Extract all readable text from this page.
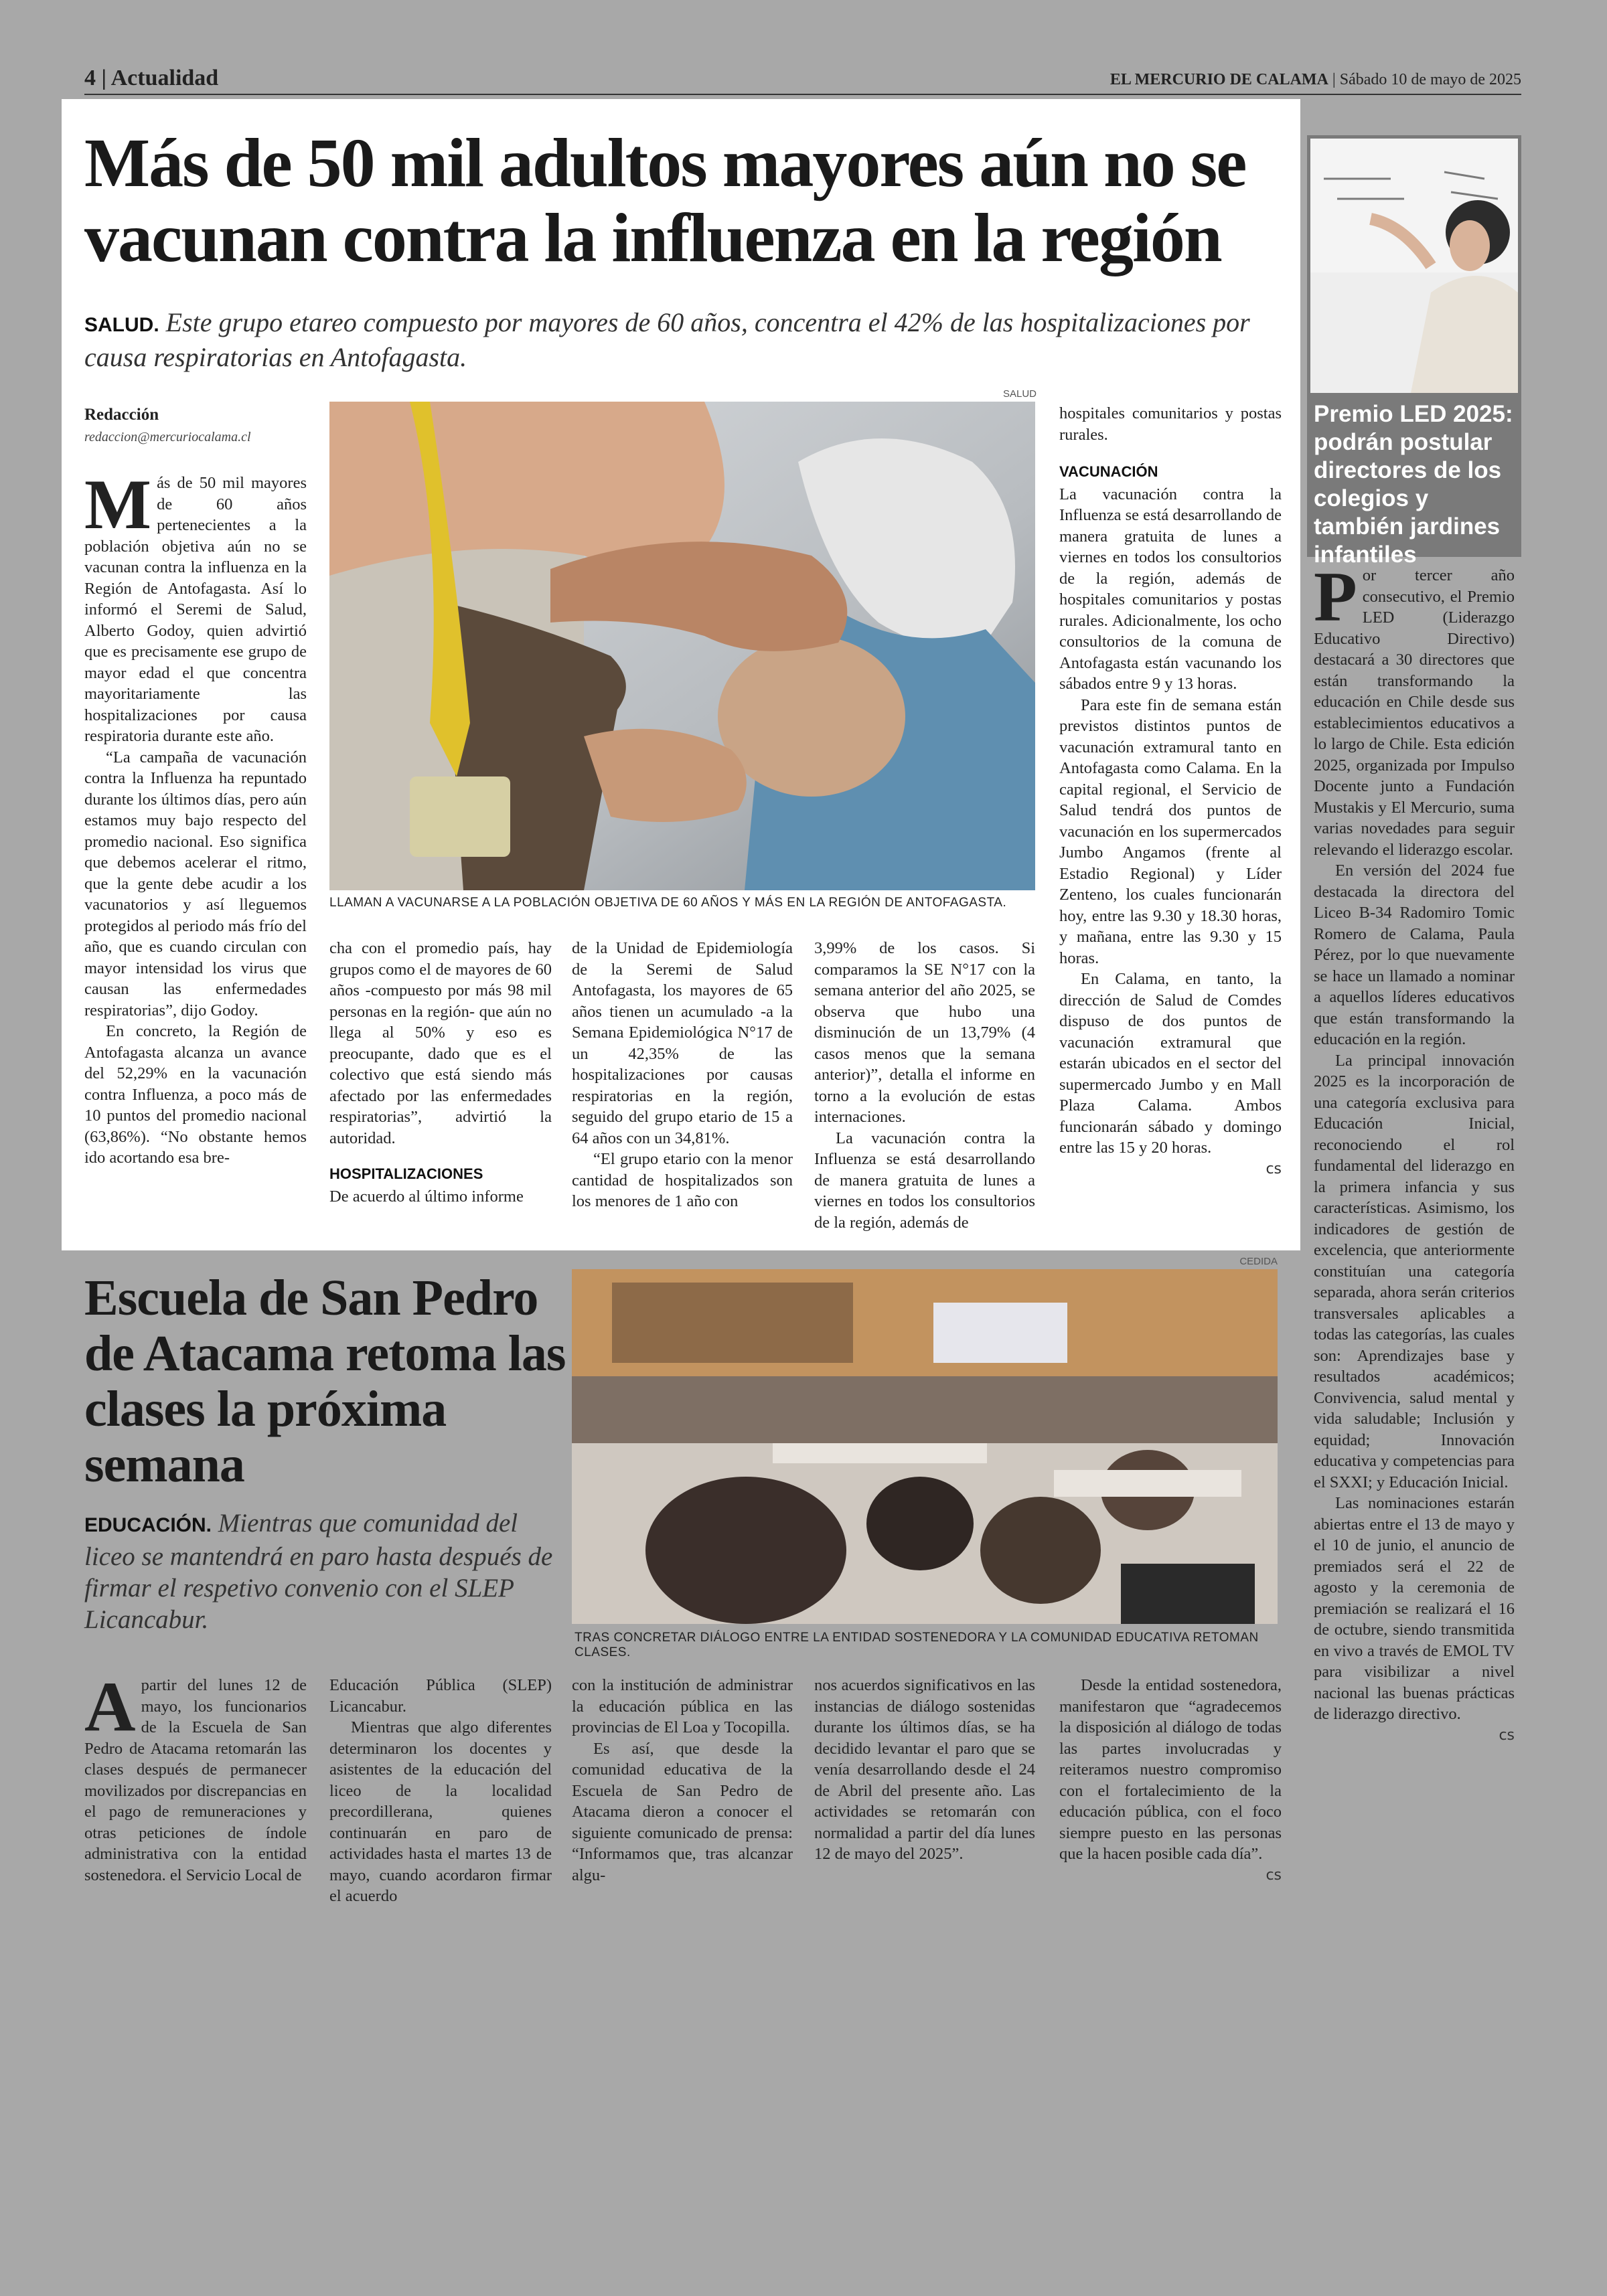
4 | Actualidad	EL MERCURIO DE CALAMA | Sábado 10 de mayo de 2025
Más de 50 mil adultos mayores aún no se vacunan contra la influenza en la región
SALUD. Este grupo etareo compuesto por mayores de 60 años, concentra el 42% de las hospitalizaciones por causa respiratorias en Antofagasta.
Redacción
redaccion@mercuriocalama.cl
SALUD
LLAMAN A VACUNARSE A LA POBLACIÓN OBJETIVA DE 60 AÑOS Y MÁS EN LA REGIÓN DE ANTOFAGASTA.

Más de 50 mil mayores de 60 años pertenecientes a la población objetiva aún no se vacunan contra la influenza en la Región de Antofagasta. Así lo informó el Seremi de Salud, Alberto Godoy, quien advirtió que es precisamente ese grupo de mayor edad el que concentra mayoritariamente las hospitalizaciones por causa respiratoria durante este año.

“La campaña de vacunación contra la Influenza ha repuntado durante los últimos días, pero aún estamos muy bajo respecto del promedio nacional. Eso significa que debemos acelerar el ritmo, que la gente debe acudir a los vacunatorios y así lleguemos protegidos al periodo más frío del año, que es cuando circulan con mayor intensidad los virus que causan las enfermedades respiratorias”, dijo Godoy.

En concreto, la Región de Antofagasta alcanza un avance del 52,29% en la vacunación contra Influenza, a poco más de 10 puntos del promedio nacional (63,86%). “No obstante hemos ido acortando esa bre-

cha con el promedio país, hay grupos como el de mayores de 60 años -compuesto por más 98 mil personas en la región- que aún no llega al 50% y eso es preocupante, dado que es el colectivo que está siendo más afectado por las enfermedades respiratorias”, advirtió la autoridad.

HOSPITALIZACIONES

De acuerdo al último informe

de la Unidad de Epidemiología de la Seremi de Salud Antofagasta, los mayores de 65 años tienen un acumulado -a la Semana Epidemiológica N°17 de un 42,35% de las hospitalizaciones por causas respiratorias en la región, seguido del grupo etario de 15 a 64 años con un 34,81%.

“El grupo etario con la menor cantidad de hospitalizados son los menores de 1 año con

3,99% de los casos. Si comparamos la SE N°17 con la semana anterior del año 2025, se observa que hubo una disminución de un 13,79% (4 casos menos que la semana anterior)”, detalla el informe en torno a la evolución de estas internaciones.

La vacunación contra la Influenza se está desarrollando de manera gratuita de lunes a viernes en todos los consultorios de la región, además de

hospitales comunitarios y postas rurales.

VACUNACIÓN

La vacunación contra la Influenza se está desarrollando de manera gratuita de lunes a viernes en todos los consultorios de la región, además de hospitales comunitarios y postas rurales. Adicionalmente, los ocho consultorios de la comuna de Antofagasta están vacunando los sábados entre 9 y 13 horas.

Para este fin de semana están previstos distintos puntos de vacunación extramural tanto en Antofagasta como Calama. En la capital regional, el Servicio de Salud tendrá dos puntos de vacunación en los supermercados Jumbo Angamos (frente al Estadio Regional) y Líder Zenteno, los cuales funcionarán hoy, entre las 9.30 y 18.30 horas, y mañana, entre las 9.30 y 15 horas.

En Calama, en tanto, la dirección de Salud de Comdes dispuso de dos puntos de vacunación extramural que estarán ubicados en el sector del supermercado Jumbo y en Mall Plaza Calama. Ambos funcionarán sábado y domingo entre las 15 y 20 horas.

cs
Premio LED 2025: podrán postular directores de los colegios y también jardines infantiles

Por tercer año consecutivo, el Premio LED (Liderazgo Educativo Directivo) destacará a 30 directores que están transformando la educación en Chile desde sus establecimientos educativos a lo largo de Chile. Esta edición 2025, organizada por Impulso Docente junto a Fundación Mustakis y El Mercurio, suma varias novedades para seguir relevando el liderazgo escolar.

En versión del 2024 fue destacada la directora del Liceo B-34 Radomiro Tomic Romero de Calama, Paula Pérez, por lo que nuevamente se hace un llamado a nominar a aquellos líderes educativos que están transformando la educación en la región.

La principal innovación 2025 es la incorporación de una categoría exclusiva para Educación Inicial, reconociendo el rol fundamental del liderazgo en la primera infancia y sus características. Asimismo, los indicadores de gestión de excelencia, que anteriormente constituían una categoría separada, ahora serán criterios transversales aplicables a todas las categorías, las cuales son: Aprendizajes base y resultados académicos; Convivencia, salud mental y vida saludable; Inclusión y equidad; Innovación educativa y competencias para el SXXI; y Educación Inicial.

Las nominaciones estarán abiertas entre el 13 de mayo y el 10 de junio, el anuncio de premiados será el 22 de agosto y la ceremonia de premiación se realizará el 16 de octubre, siendo transmitida en vivo a través de EMOL TV para visibilizar a nivel nacional las buenas prácticas de liderazgo directivo.

cs
Escuela de San Pedro de Atacama retoma las clases la próxima semana
EDUCACIÓN. Mientras que comunidad del liceo se mantendrá en paro hasta después de firmar el respetivo convenio con el SLEP Licancabur.
CEDIDA
TRAS CONCRETAR DIÁLOGO ENTRE LA ENTIDAD SOSTENEDORA Y LA COMUNIDAD EDUCATIVA RETOMAN CLASES.

Apartir del lunes 12 de mayo, los funcionarios de la Escuela de San Pedro de Atacama retomarán las clases después de permanecer movilizados por discrepancias en el pago de remuneraciones y otras peticiones de índole administrativa con la entidad sostenedora. el Servicio Local de

Educación Pública (SLEP) Licancabur.

Mientras que algo diferentes determinaron los docentes y asistentes de la educación del liceo de la localidad precordillerana, quienes continuarán en paro de actividades hasta el martes 13 de mayo, cuando acordaron firmar el acuerdo

con la institución de administrar la educación pública en las provincias de El Loa y Tocopilla.

Es así, que desde la comunidad educativa de la Escuela de San Pedro de Atacama dieron a conocer el siguiente comunicado de prensa: “Informamos que, tras alcanzar algu-

nos acuerdos significativos en las instancias de diálogo sostenidas durante los últimos días, se ha decidido levantar el paro que se venía desarrollando desde el 24 de Abril del presente año. Las actividades se retomarán con normalidad a partir del día lunes 12 de mayo del 2025”.

Desde la entidad sostenedora, manifestaron que “agradecemos la disposición al diálogo de todas las partes involucradas y reiteramos nuestro compromiso con el fortalecimiento de la educación pública, con el foco siempre puesto en las personas que la hacen posible cada día”.

cs
